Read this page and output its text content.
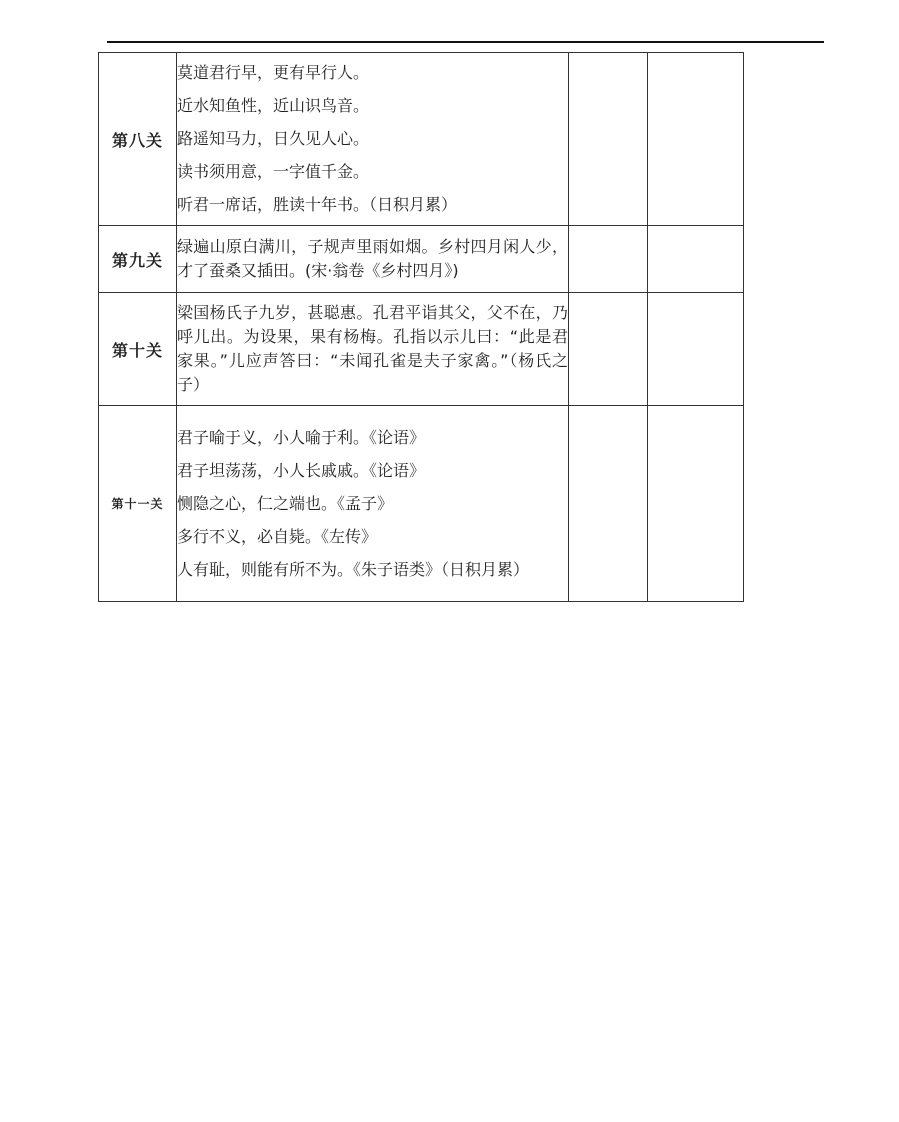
第八关	莫道君行早，更有早行人。
近水知鱼性，近山识鸟音。
路遥知马力，日久见人心。
读书须用意，一字值千金。
听君一席话，胜读十年书。（日积月累）		

第九关	绿遍山原白满川，子规声里雨如烟。乡村四月闲人少，才了蚕桑又插田。(宋·翁卷《乡村四月》)		

第十关	梁国杨氏子九岁，甚聪惠。孔君平诣其父，父不在，乃呼儿出。为设果，果有杨梅。孔指以示儿曰：“此是君家果。”儿应声答曰：“未闻孔雀是夫子家禽。”（杨氏之子）		

第十一关	君子喻于义，小人喻于利。《论语》
君子坦荡荡，小人长戚戚。《论语》
恻隐之心，仁之端也。《孟子》
多行不义，必自毙。《左传》
人有耻，则能有所不为。《朱子语类》（日积月累）		
